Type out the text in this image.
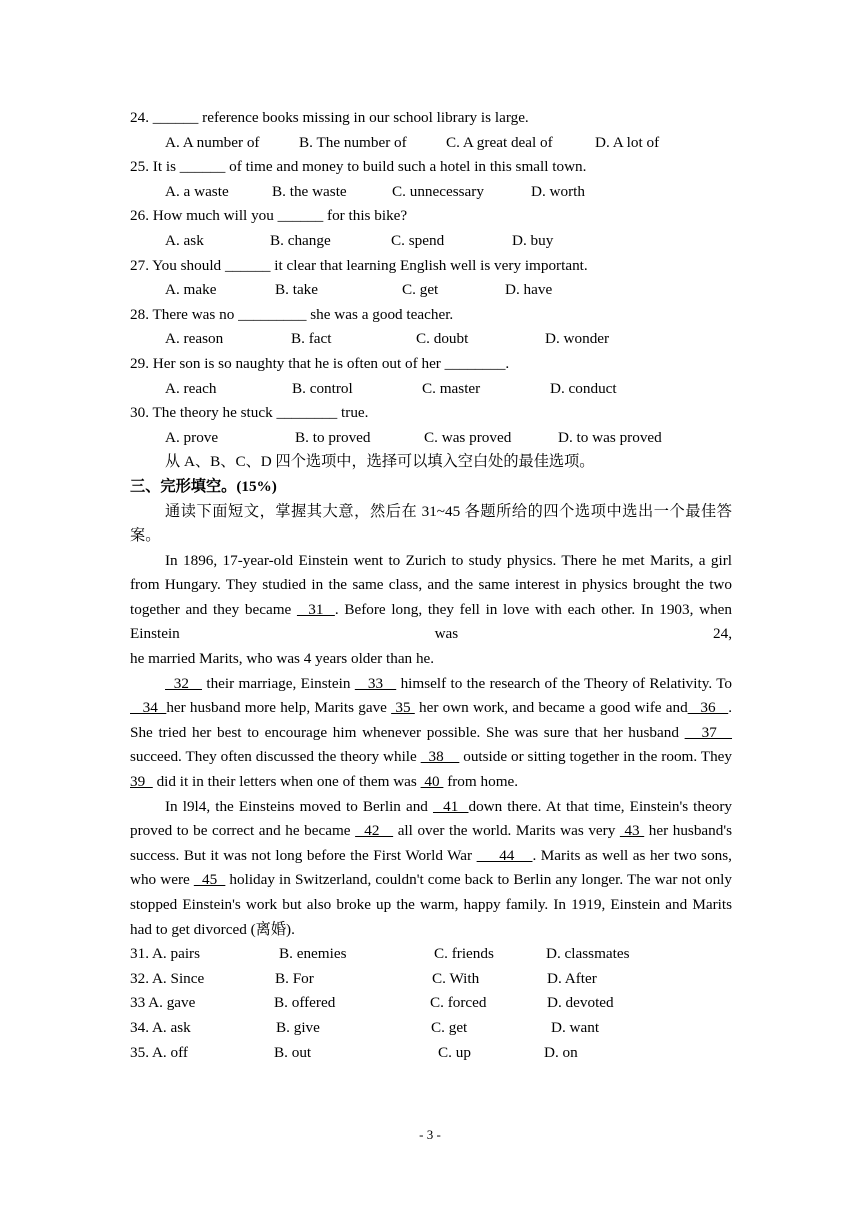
24. ______ reference books missing in our school library is large.
A. A number of	B. The number of	C. A great deal of	D. A lot of
25. It is ______ of time and money to build such a hotel in this small town.
A. a waste	B. the waste	C. unnecessary	D. worth
26. How much will you ______ for this bike?
A. ask	B. change	C. spend	D. buy
27. You should ______ it clear that learning English well is very important.
A. make	B. take	C. get	D. have
28. There was no _________ she was a good teacher.
A. reason	B. fact	C. doubt	D. wonder
29. Her son is so naughty that he is often out of her ________.
A. reach	B. control	C. master	D. conduct
30. The theory he stuck ________ true.
A. prove	B. to proved	C. was proved	D. to was proved
从 A、B、C、D 四个选项中，选择可以填入空白处的最佳选项。
三、完形填空。(15%)

通读下面短文，掌握其大意，然后在 31~45 各题所给的四个选项中选出一个最佳答案。

In 1896, 17-year-old Einstein went to Zurich to study physics. There he met Marits, a girl from Hungary. They studied in the same class, and the same interest in physics brought the two together and they became   31  . Before long, they fell in love with each other. In 1903, when Einstein was 24,

he married Marits, who was 4 years older than he.

32    their marriage, Einstein    33    himself to the research of the Theory of Relativity. To   34  her husband more help, Marits gave  35  her own work, and became a good wife and   36   . She tried her best to encourage him whenever possible. She was sure that her husband    37    succeed. They often discussed the theory while   38     outside or sitting together in the room. They 39   did it in their letters when one of them was  40  from home.

In l9l4, the Einsteins moved to Berlin and   41  down there. At that time, Einstein's theory proved to be correct and he became   42    all over the world. Marits was very  43  her husband's success. But it was not long before the First World War      44    . Marits as well as her two sons, who were   45   holiday in Switzerland, couldn't come back to Berlin any longer. The war not only stopped Einstein's work but also broke up the warm, happy family. In 1919, Einstein and Marits had to get divorced (离婚).

31. A. pairs	B. enemies	C. friends	D. classmates
32. A. Since	B. For	C. With	D. After
33 A. gave	B. offered	C. forced	D. devoted
34. A. ask	B. give	C. get	D. want
35. A. off	B. out	C. up	D. on
- 3 -
